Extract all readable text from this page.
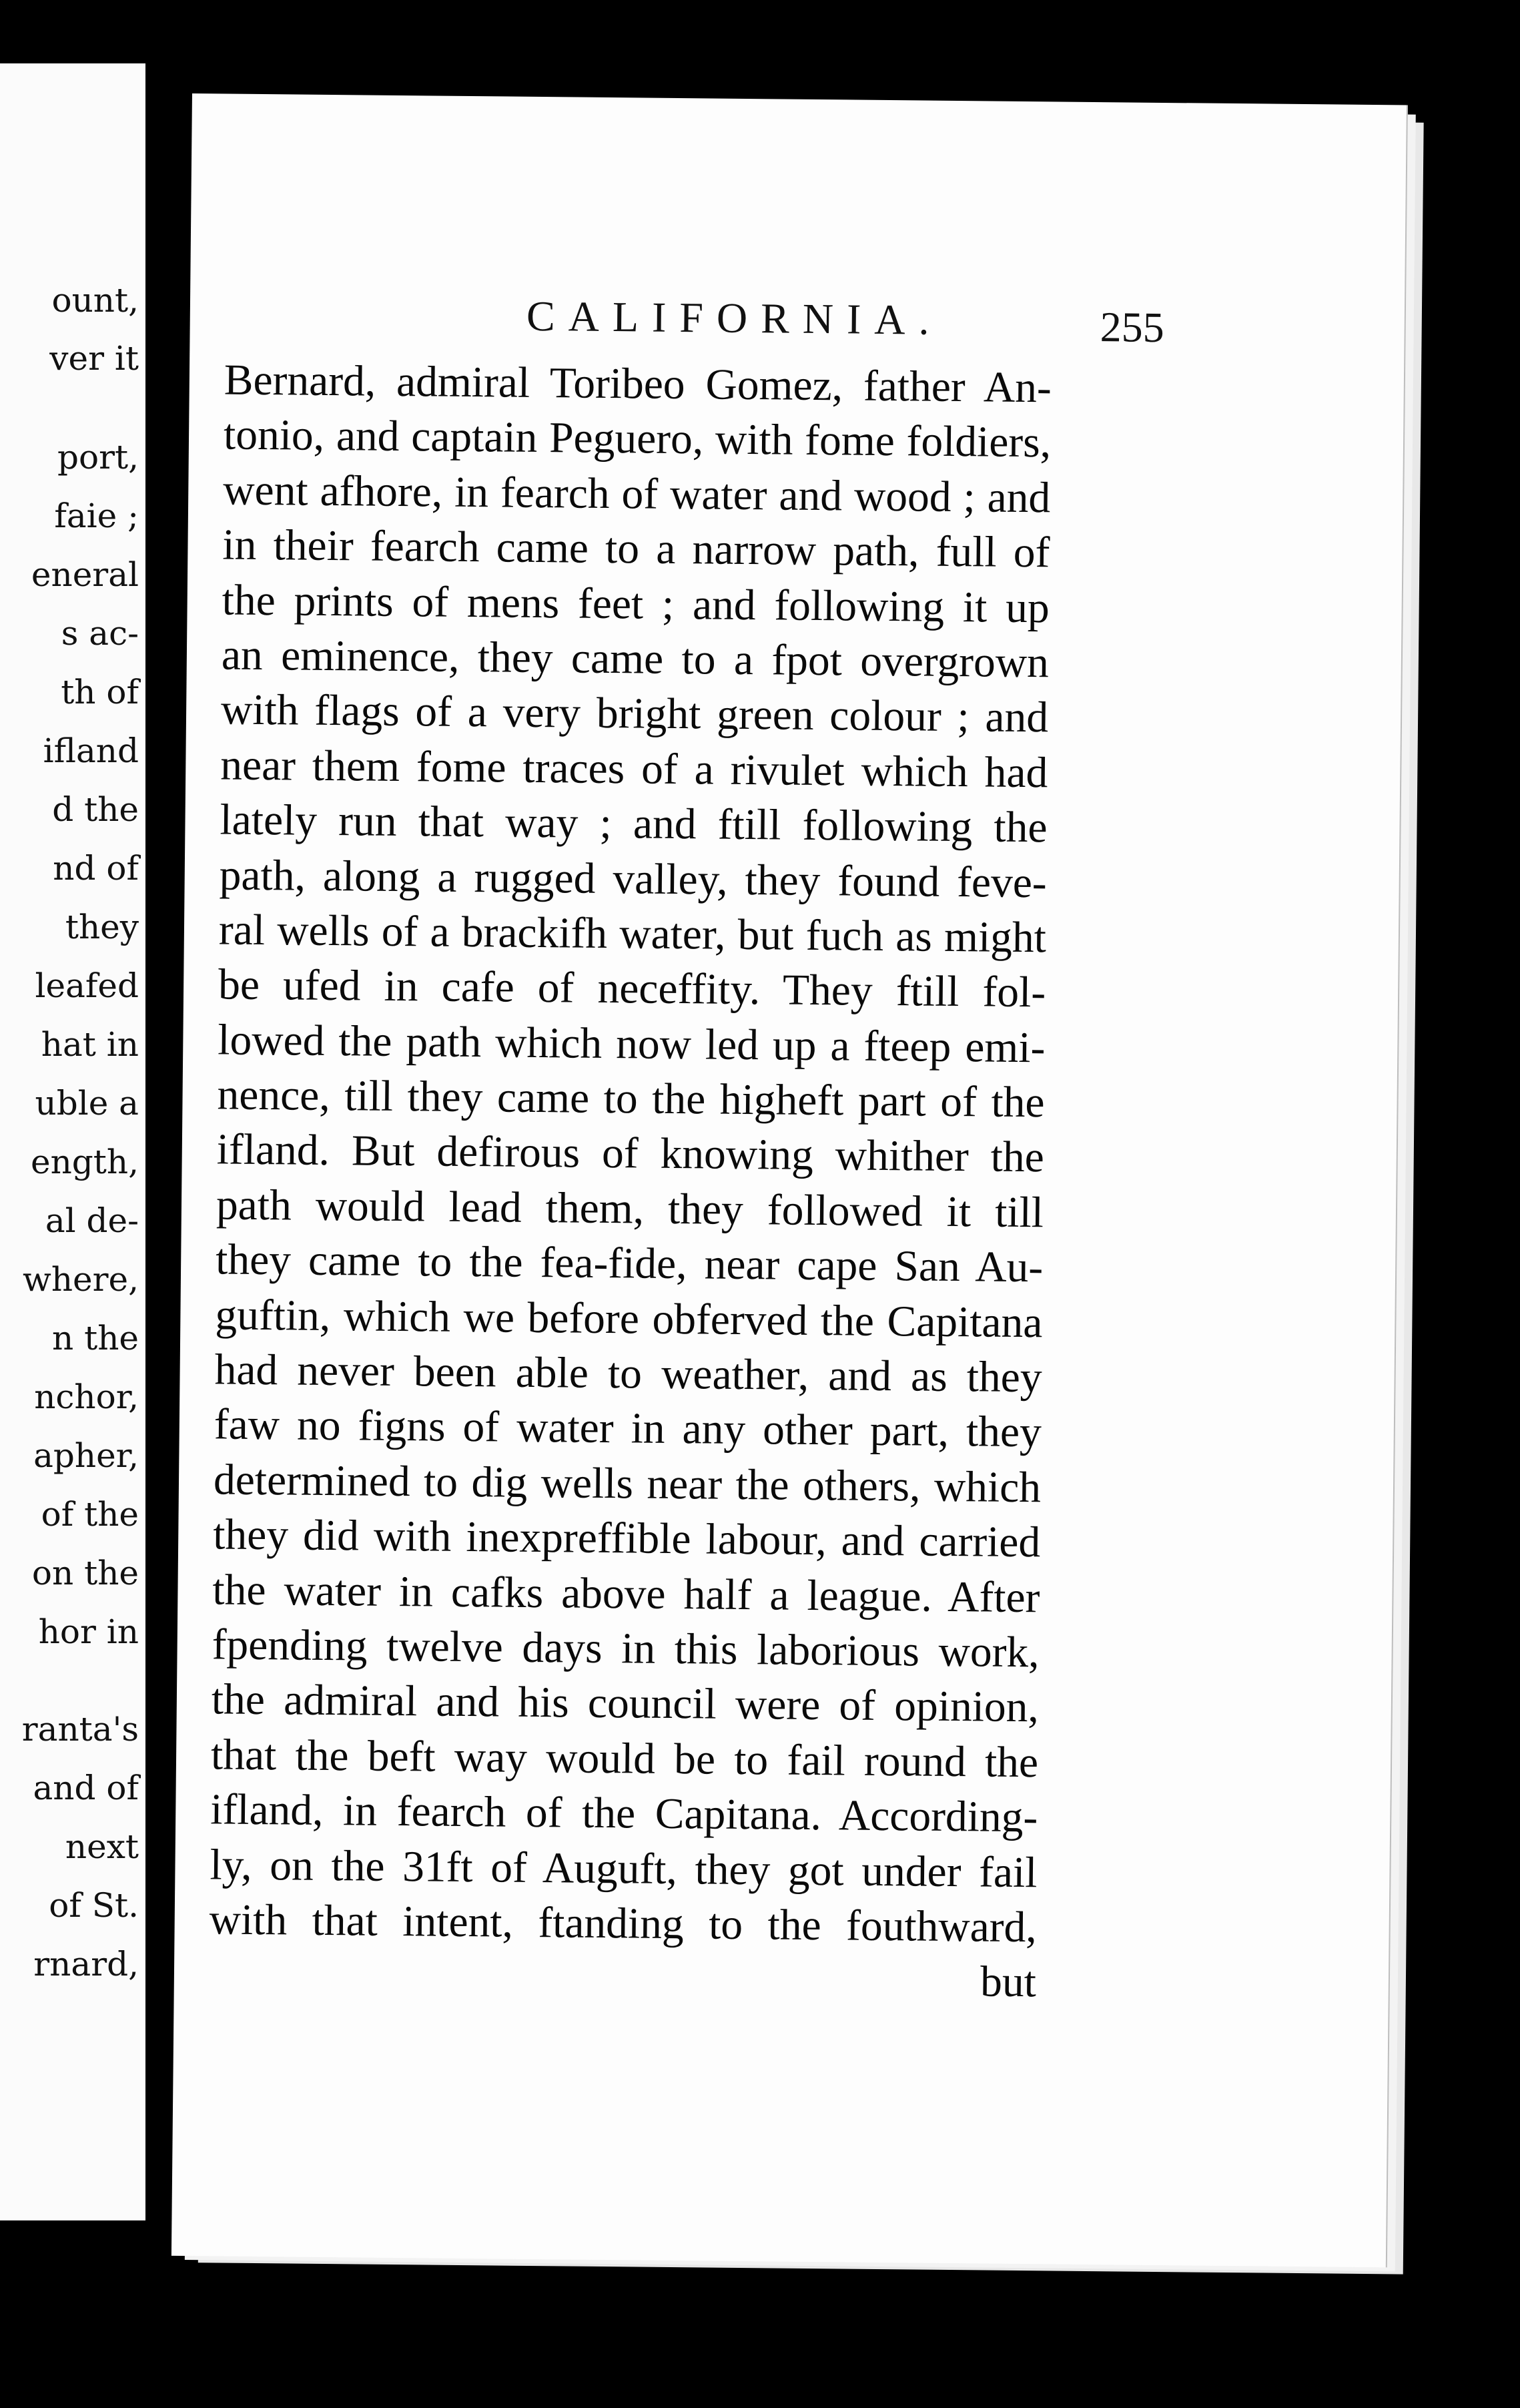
ount,
ver it
port,
faie ;
eneral
s ac-
th of
ifland
d the
nd of
they
leafed
hat in
uble a
ength,
al de-
where,
n the
nchor,
apher,
of the
on the
hor in
ranta's
and of
next
of St.
rnard,
CALIFORNIA.	255
Bernard, admiral Toribeo Gomez, father An-
tonio, and captain Peguero, with fome foldiers,
went afhore, in fearch of water and wood ; and
in their fearch came to a narrow path, full of
the prints of mens feet ; and following it up
an eminence, they came to a fpot overgrown
with flags of a very bright green colour ; and
near them fome traces of a rivulet which had
lately run that way ; and ftill following the
path, along a rugged valley, they found feve-
ral wells of a brackifh water, but fuch as might
be ufed in cafe of neceffity. They ftill fol-
lowed the path which now led up a fteep emi-
nence, till they came to the higheft part of the
ifland. But defirous of knowing whither the
path would lead them, they followed it till
they came to the fea-fide, near cape San Au-
guftin, which we before obferved the Capitana
had never been able to weather, and as they
faw no figns of water in any other part, they
determined to dig wells near the others, which
they did with inexpreffible labour, and carried
the water in cafks above half a league. After
fpending twelve days in this laborious work,
the admiral and his council were of opinion,
that the beft way would be to fail round the
ifland, in fearch of the Capitana. According-
ly, on the 31ft of Auguft, they got under fail
with that intent, ftanding to the fouthward,
but
